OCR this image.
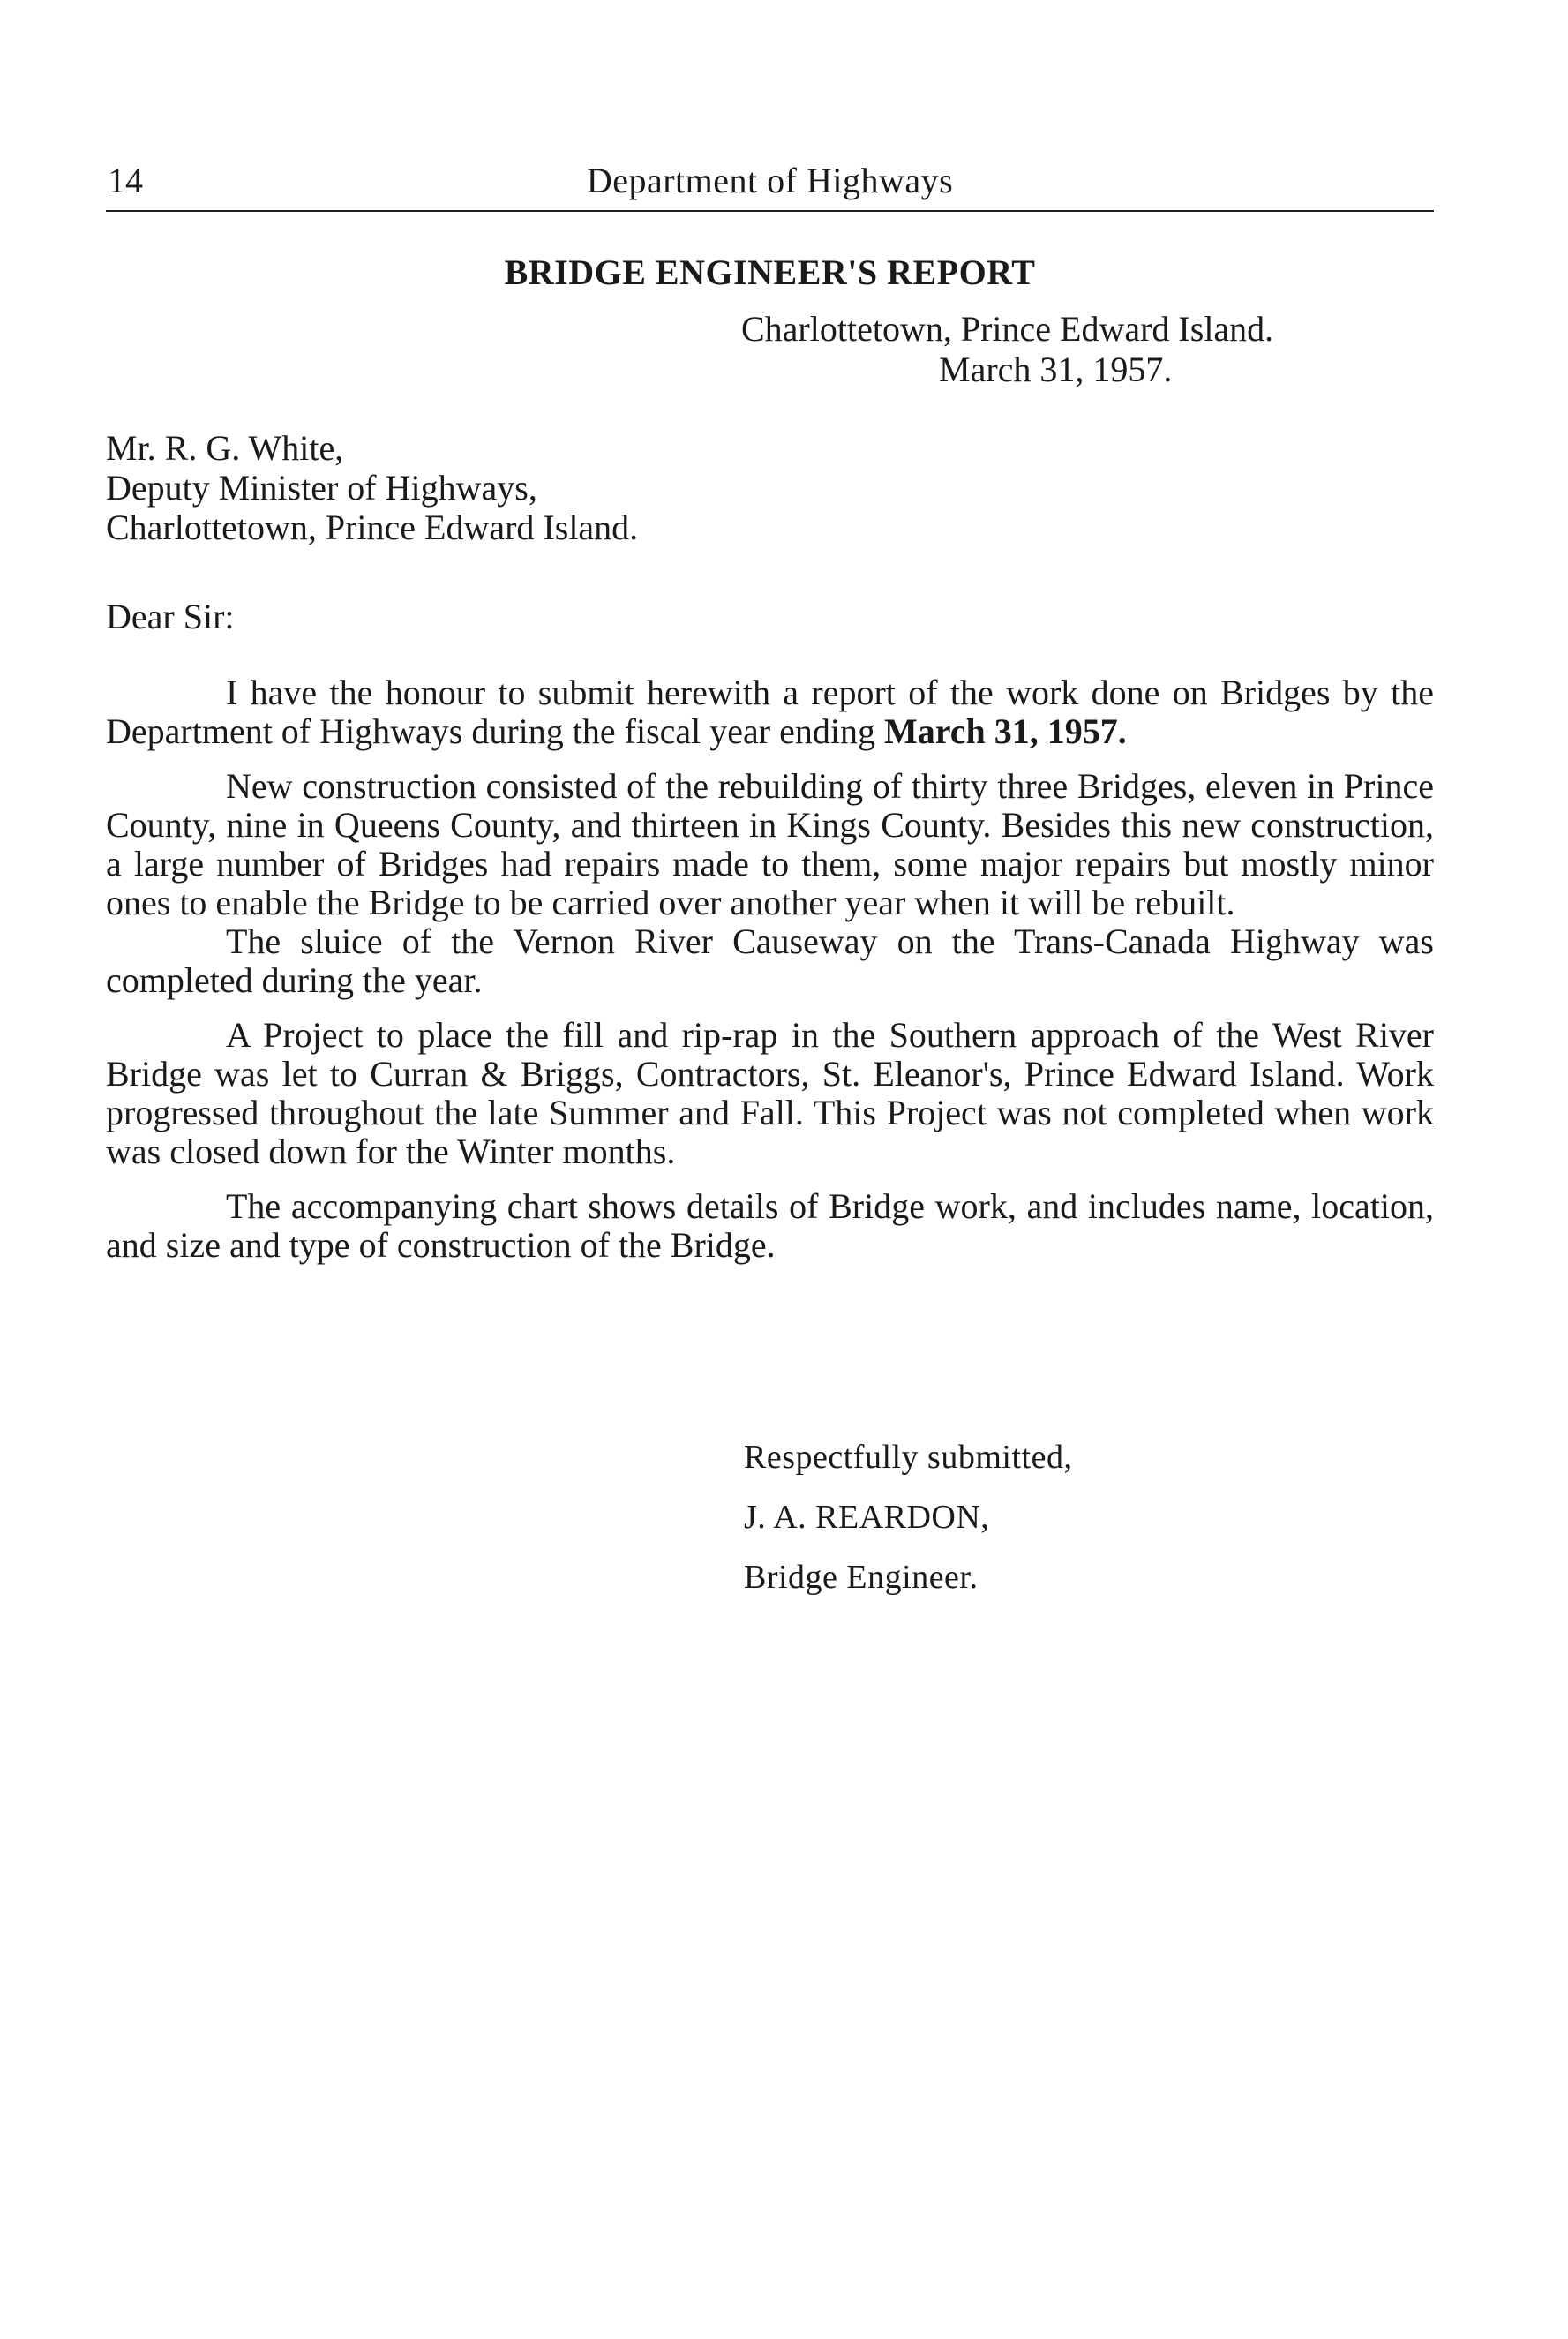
14	Department of Highways
BRIDGE ENGINEER'S REPORT
Charlottetown, Prince Edward Island.
March 31, 1957.
Mr. R. G. White,
Deputy Minister of Highways,
Charlottetown, Prince Edward Island.
Dear Sir:

I have the honour to submit herewith a report of the work done on Bridges by the Department of Highways during the fiscal year ending March 31, 1957.

New construction consisted of the rebuilding of thirty three Bridges, eleven in Prince County, nine in Queens County, and thirteen in Kings County. Besides this new construction, a large number of Bridges had repairs made to them, some major repairs but mostly minor ones to enable the Bridge to be carried over another year when it will be rebuilt.

The sluice of the Vernon River Causeway on the Trans-Canada Highway was completed during the year.

A Project to place the fill and rip-rap in the Southern approach of the West River Bridge was let to Curran & Briggs, Contractors, St. Eleanor's, Prince Edward Island. Work progressed throughout the late Summer and Fall. This Project was not completed when work was closed down for the Winter months.

The accompanying chart shows details of Bridge work, and includes name, location, and size and type of construction of the Bridge.

Respectfully submitted,
J. A. REARDON,
Bridge Engineer.
